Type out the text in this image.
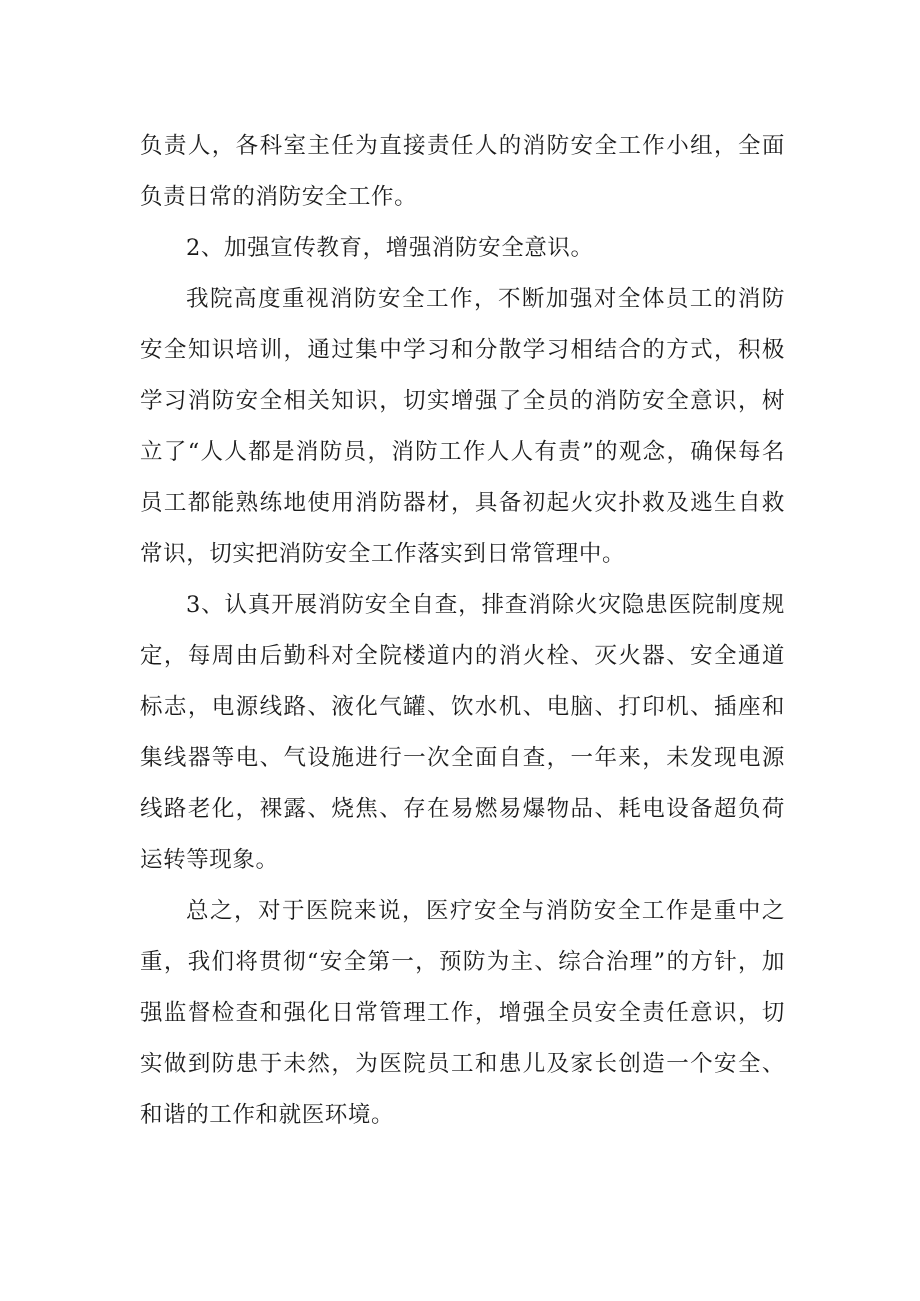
负责人，各科室主任为直接责任人的消防安全工作小组，全面负责日常的消防安全工作。

2、加强宣传教育，增强消防安全意识。

我院高度重视消防安全工作，不断加强对全体员工的消防安全知识培训，通过集中学习和分散学习相结合的方式，积极学习消防安全相关知识，切实增强了全员的消防安全意识，树立了“人人都是消防员，消防工作人人有责”的观念，确保每名员工都能熟练地使用消防器材，具备初起火灾扑救及逃生自救常识，切实把消防安全工作落实到日常管理中。

3、认真开展消防安全自查，排查消除火灾隐患医院制度规定，每周由后勤科对全院楼道内的消火栓、灭火器、安全通道标志，电源线路、液化气罐、饮水机、电脑、打印机、插座和集线器等电、气设施进行一次全面自查，一年来，未发现电源线路老化，裸露、烧焦、存在易燃易爆物品、耗电设备超负荷运转等现象。

总之，对于医院来说，医疗安全与消防安全工作是重中之重，我们将贯彻“安全第一，预防为主、综合治理”的方针，加强监督检查和强化日常管理工作，增强全员安全责任意识，切实做到防患于未然，为医院员工和患儿及家长创造一个安全、和谐的工作和就医环境。
